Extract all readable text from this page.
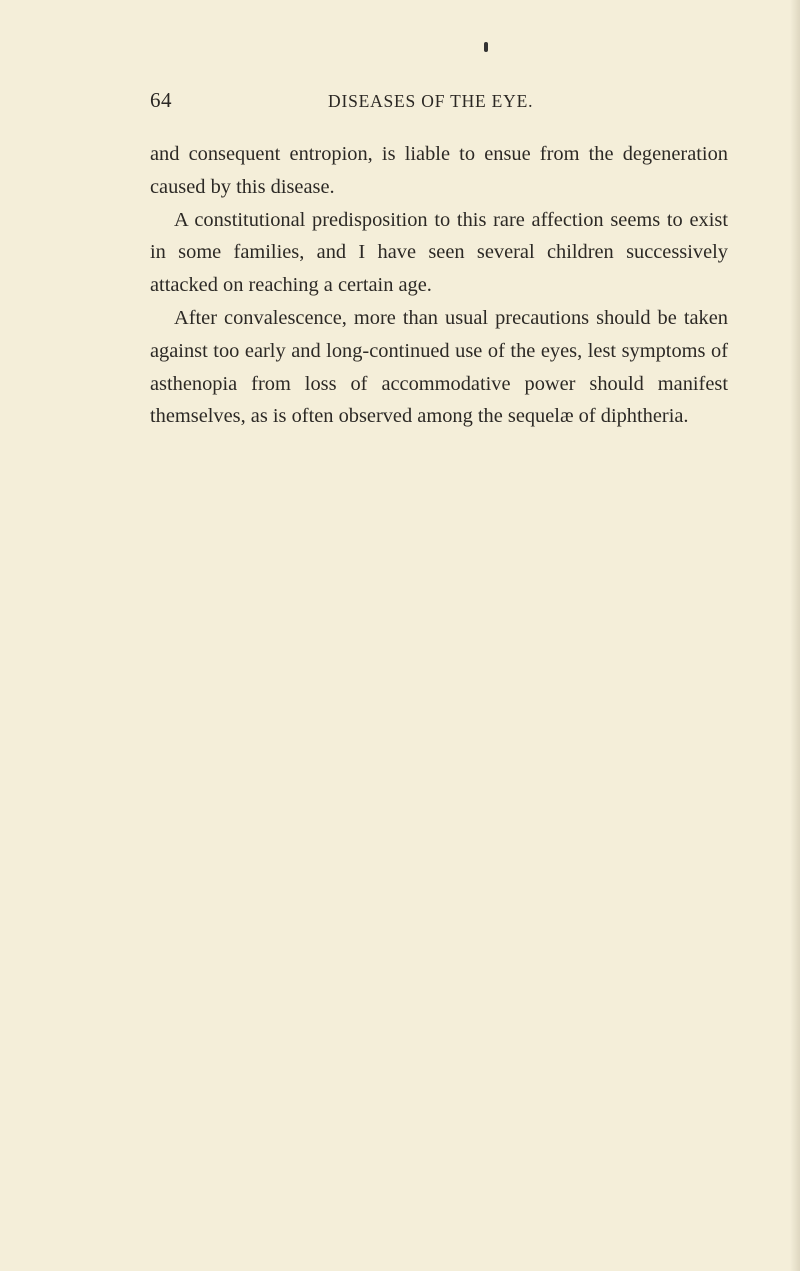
64	DISEASES OF THE EYE.

and consequent entropion, is liable to ensue from the degeneration caused by this disease.

A constitutional predisposition to this rare affection seems to exist in some families, and I have seen several children successively attacked on reaching a certain age.

After convalescence, more than usual precautions should be taken against too early and long-continued use of the eyes, lest symptoms of asthenopia from loss of accommodative power should manifest themselves, as is often observed among the sequelæ of diphtheria.
